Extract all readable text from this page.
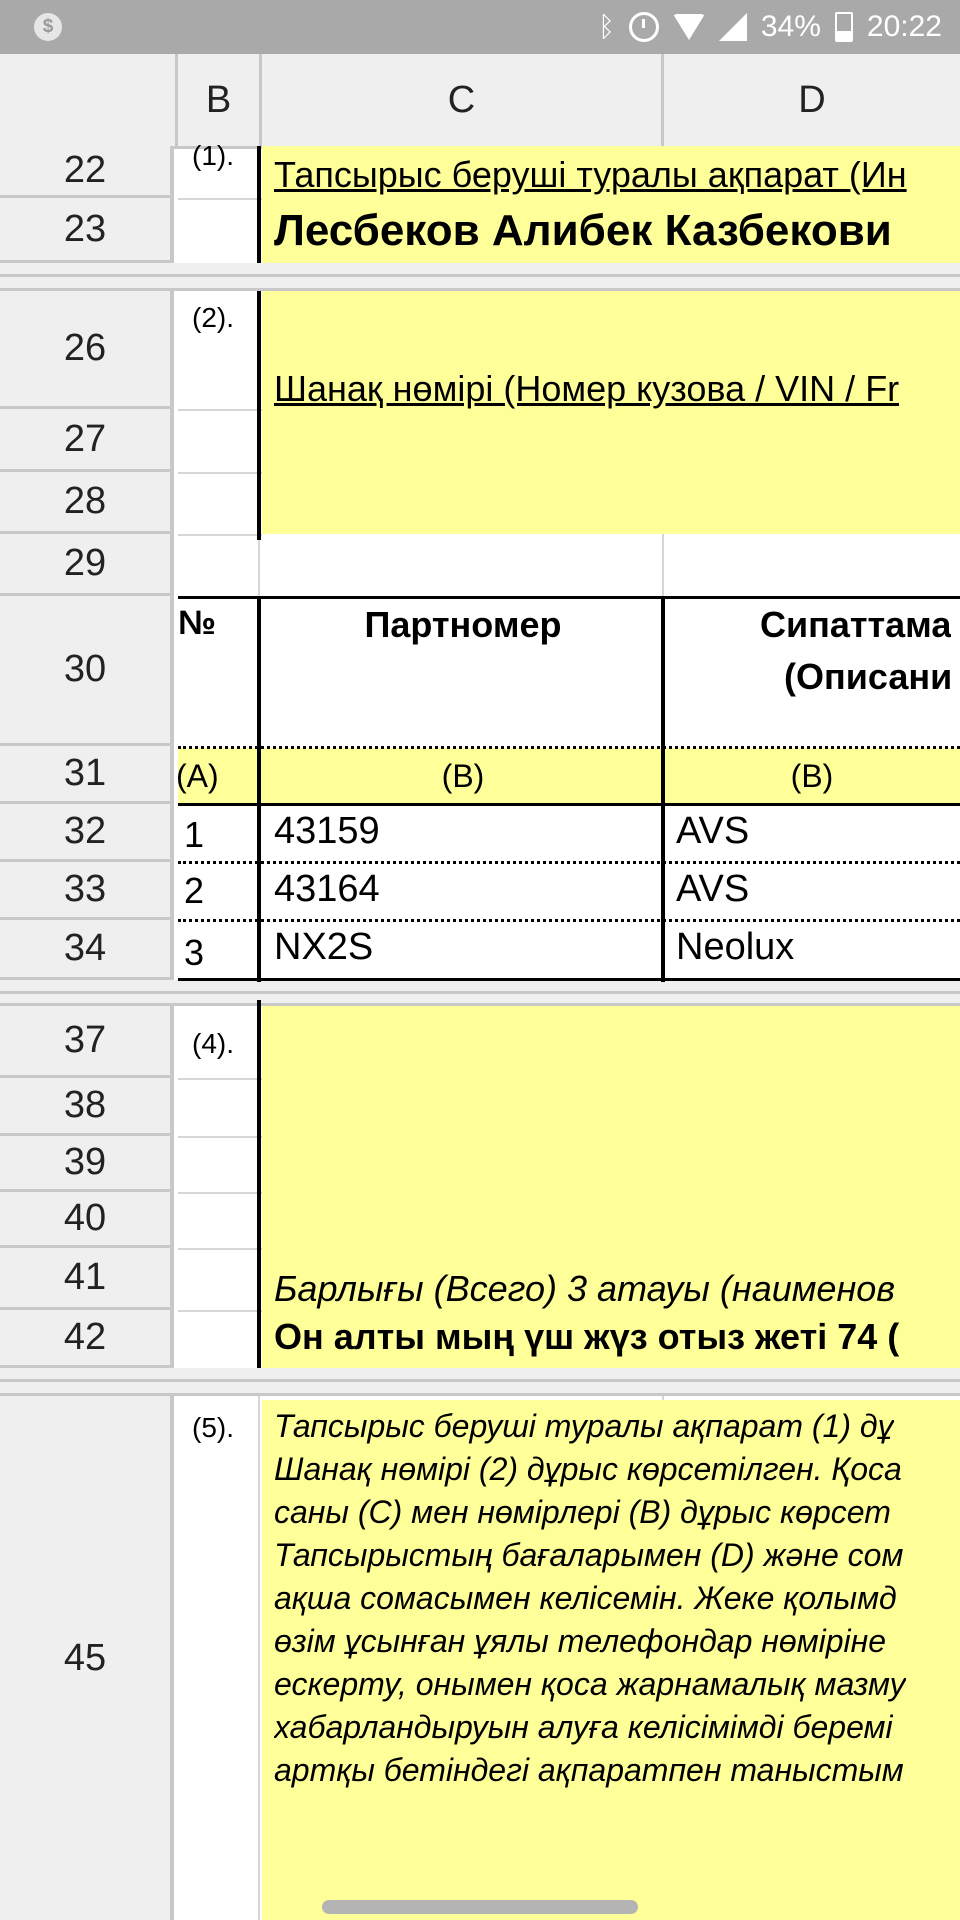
$	ᛒ	34% 20:22
B	C	D
22
23
26
27
28
29
30
31
32
33
34
37
38
39
40
41
42
45
(1). Тапсырыс беруші туралы ақпарат (Ин
Лесбеков Алибек Казбекови
(2).
Шанақ нөмірі (Номер кузова / VIN / Fr
№	Партномер	Сипаттама
(Описани
(A)	(B)	(B)
1 43159	AVS
2 43164	AVS
3 NX2S	Neolux
(4).
Барлығы (Всего) 3 атауы (наименов
Он алты мың үш жүз отыз жеті 74 (
(5). Тапсырыс беруші туралы ақпарат (1) дұ
Шанақ нөмірі (2) дұрыс көрсетілген. Қоса
саны (С) мен нөмірлері (В) дұрыс көрсет
Тапсырыстың бағаларымен (D) және сом
ақша сомасымен келісемін. Жеке қолымд
өзім ұсынған ұялы телефондар нөміріне
ескерту, онымен қоса жарнамалық мазму
хабарландыруын алуға келісімімді беремі
артқы бетіндегі ақпаратпен таныстым
